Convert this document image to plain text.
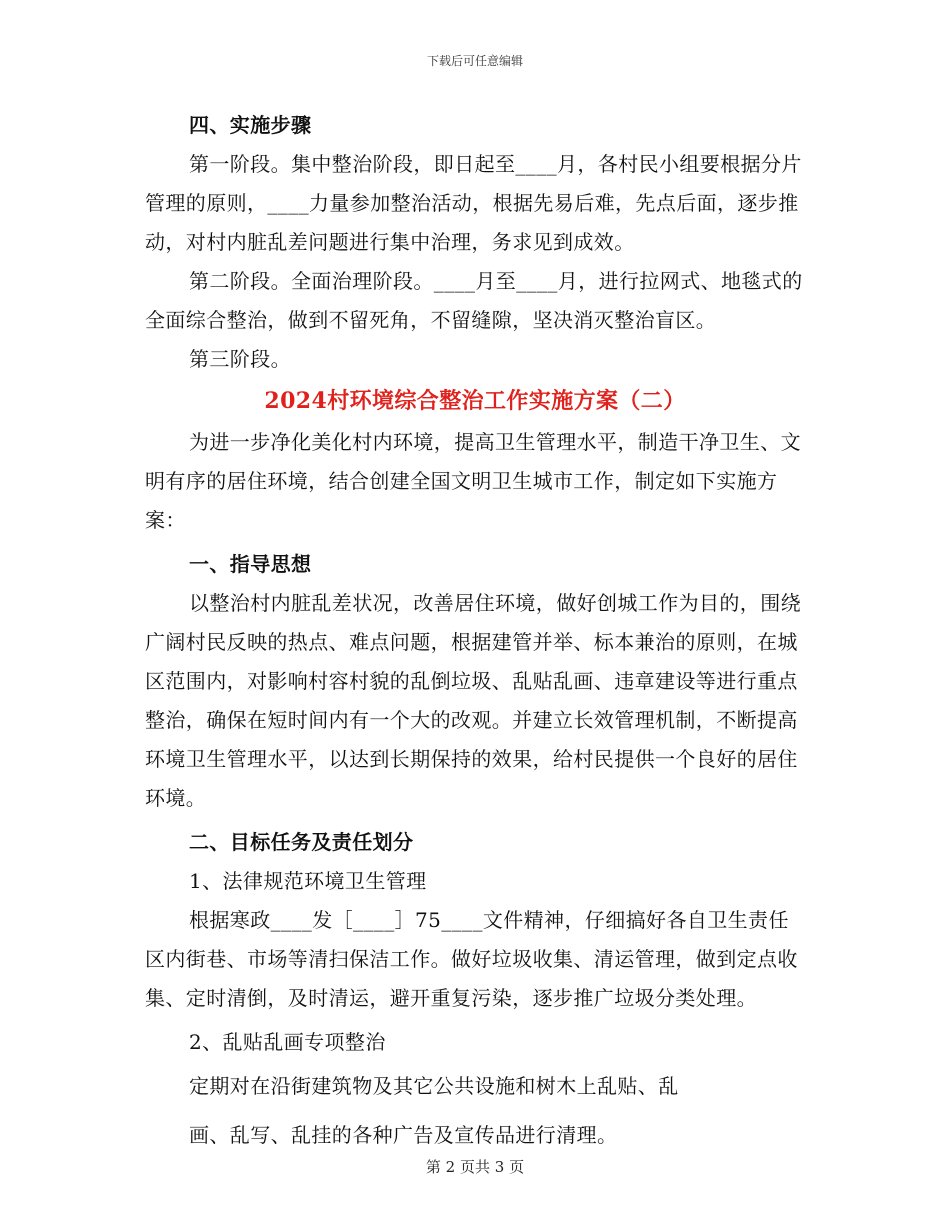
下载后可任意编辑

四、实施步骤

第一阶段。集中整治阶段，即日起至____月，各村民小组要根据分片管理的原则，____力量参加整治活动，根据先易后难，先点后面，逐步推动，对村内脏乱差问题进行集中治理，务求见到成效。

第二阶段。全面治理阶段。____月至____月，进行拉网式、地毯式的全面综合整治，做到不留死角，不留缝隙，坚决消灭整治盲区。

第三阶段。

2024村环境综合整治工作实施方案（二）

为进一步净化美化村内环境，提高卫生管理水平，制造干净卫生、文明有序的居住环境，结合创建全国文明卫生城市工作，制定如下实施方案：

一、指导思想

以整治村内脏乱差状况，改善居住环境，做好创城工作为目的，围绕广阔村民反映的热点、难点问题，根据建管并举、标本兼治的原则，在城区范围内，对影响村容村貌的乱倒垃圾、乱贴乱画、违章建设等进行重点整治，确保在短时间内有一个大的改观。并建立长效管理机制，不断提高环境卫生管理水平，以达到长期保持的效果，给村民提供一个良好的居住环境。

二、目标任务及责任划分

1、法律规范环境卫生管理

根据寒政____发［____］75____文件精神，仔细搞好各自卫生责任区内街巷、市场等清扫保洁工作。做好垃圾收集、清运管理，做到定点收集、定时清倒，及时清运，避开重复污染，逐步推广垃圾分类处理。

2、乱贴乱画专项整治

定期对在沿街建筑物及其它公共设施和树木上乱贴、乱

画、乱写、乱挂的各种广告及宣传品进行清理。

第 2 页共 3 页
